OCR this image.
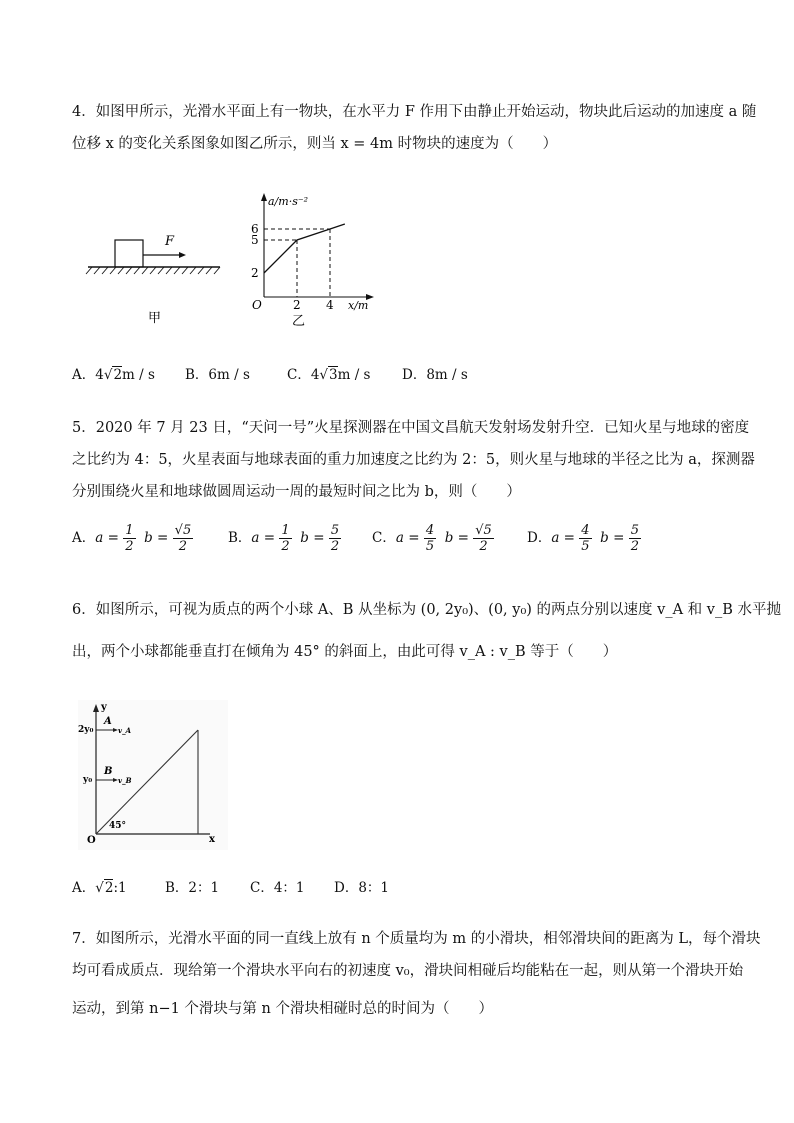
4．如图甲所示，光滑水平面上有一物块，在水平力 F 作用下由静止开始运动，物块此后运动的加速度 a 随
位移 x 的变化关系图象如图乙所示，则当 x = 4m 时物块的速度为（　　）
F
甲
a/m·s⁻²
x/m
O
6
5
2
2 4
乙
A．4√2m / s B．6m / s	C．4√3m / s D．8m / s
5．2020 年 7 月 23 日，“天问一号”火星探测器在中国文昌航天发射场发射升空．已知火星与地球的密度
之比约为 4：5，火星表面与地球表面的重力加速度之比约为 2：5，则火星与地球的半径之比为 a，探测器
分别围绕火星和地球做圆周运动一周的最短时间之比为 b，则（　　）
A．$a = \frac{1}{2}$ $b = \frac{√5}{2}$	B．$a = \frac{1}{2}$ $b = \frac{5}{2}$ C．$a = \frac{4}{5}$ $b = \frac{√5}{2}$ D．$a = \frac{4}{5}$ $b = \frac{5}{2}$
6．如图所示，可视为质点的两个小球 A、B 从坐标为 (0, 2y₀)、(0, y₀) 的两点分别以速度 v_A 和 v_B 水平抛
出，两个小球都能垂直打在倾角为 45° 的斜面上，由此可得 v_A : v_B 等于（　　）
y
x
O
45°
2y₀
A
v_A
y₀
B
v_B
A．√2:1	B．2：1 C．4：1 D．8：1
7．如图所示，光滑水平面的同一直线上放有 n 个质量均为 m 的小滑块，相邻滑块间的距离为 L，每个滑块
均可看成质点．现给第一个滑块水平向右的初速度 v₀，滑块间相碰后均能粘在一起，则从第一个滑块开始
运动，到第 n−1 个滑块与第 n 个滑块相碰时总的时间为（　　）
